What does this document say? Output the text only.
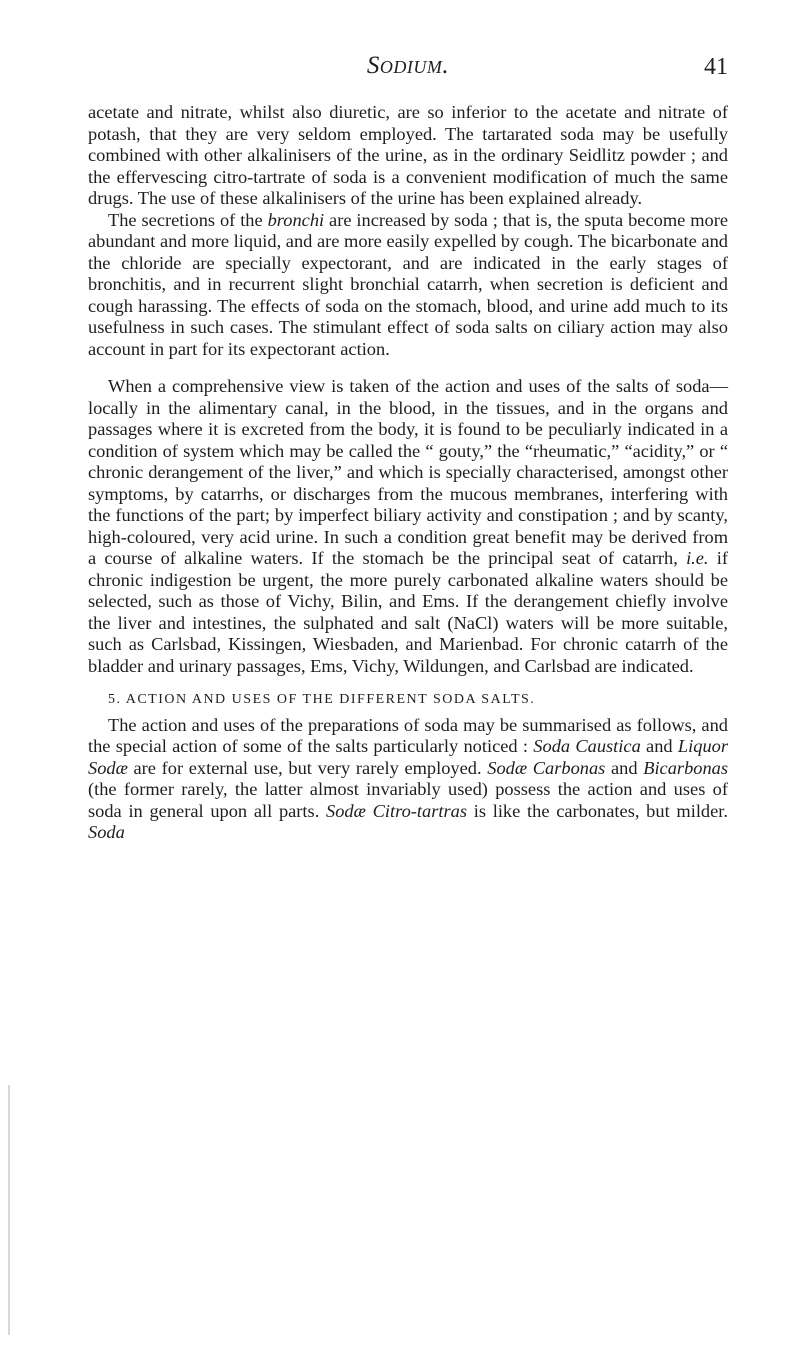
Sodium.	41

acetate and nitrate, whilst also diuretic, are so inferior to the acetate and nitrate of potash, that they are very seldom employed. The tartarated soda may be usefully combined with other alkalinisers of the urine, as in the ordinary Seidlitz powder ; and the effervescing citro-tartrate of soda is a convenient modification of much the same drugs. The use of these alkalinisers of the urine has been explained already.

The secretions of the bronchi are increased by soda ; that is, the sputa become more abundant and more liquid, and are more easily expelled by cough. The bicarbonate and the chloride are specially expectorant, and are indicated in the early stages of bronchitis, and in recurrent slight bronchial catarrh, when secretion is deficient and cough harassing. The effects of soda on the stomach, blood, and urine add much to its usefulness in such cases. The stimulant effect of soda salts on ciliary action may also account in part for its expectorant action.

When a comprehensive view is taken of the action and uses of the salts of soda—locally in the alimentary canal, in the blood, in the tissues, and in the organs and passages where it is excreted from the body, it is found to be peculiarly indicated in a condition of system which may be called the “ gouty,” the “rheumatic,” “acidity,” or “ chronic derangement of the liver,” and which is specially characterised, amongst other symptoms, by catarrhs, or discharges from the mucous membranes, interfering with the functions of the part; by imperfect biliary activity and constipation ; and by scanty, high-coloured, very acid urine. In such a condition great benefit may be derived from a course of alkaline waters. If the stomach be the principal seat of catarrh, i.e. if chronic indigestion be urgent, the more purely carbonated alkaline waters should be selected, such as those of Vichy, Bilin, and Ems. If the derangement chiefly involve the liver and intestines, the sulphated and salt (NaCl) waters will be more suitable, such as Carlsbad, Kissingen, Wiesbaden, and Marienbad. For chronic catarrh of the bladder and urinary passages, Ems, Vichy, Wildungen, and Carlsbad are indicated.

5. ACTION AND USES OF THE DIFFERENT SODA SALTS.

The action and uses of the preparations of soda may be summarised as follows, and the special action of some of the salts particularly noticed : Soda Caustica and Liquor Sodæ are for external use, but very rarely employed. Sodæ Carbonas and Bicarbonas (the former rarely, the latter almost invariably used) possess the action and uses of soda in general upon all parts. Sodæ Citro-tartras is like the carbonates, but milder. Soda
